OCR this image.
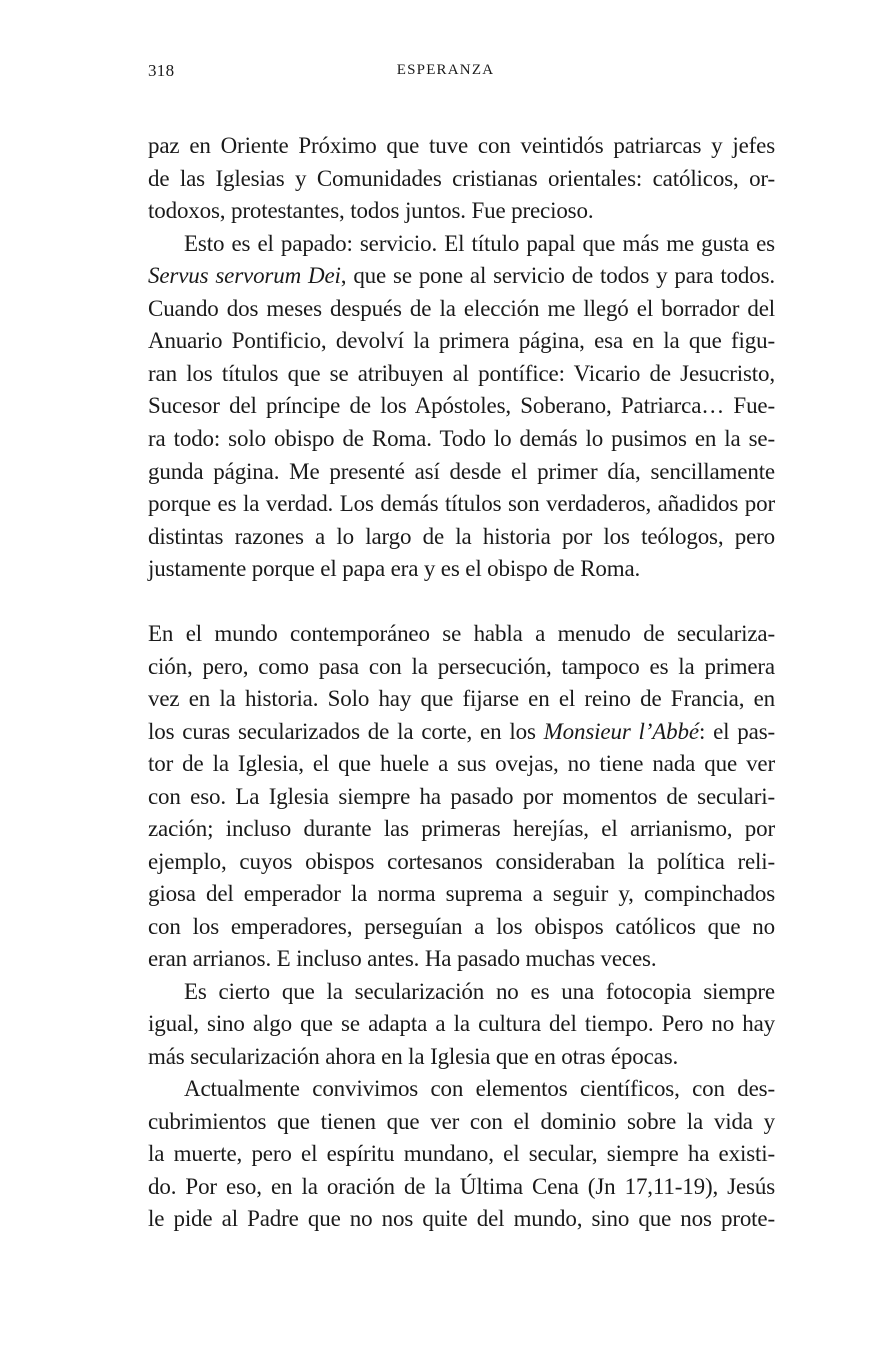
318	ESPERANZA
paz en Oriente Próximo que tuve con veintidós patriarcas y jefes
de las Iglesias y Comunidades cristianas orientales: católicos, or-
todoxos, protestantes, todos juntos. Fue precioso.
Esto es el papado: servicio. El título papal que más me gusta es
Servus servorum Dei, que se pone al servicio de todos y para todos.
Cuando dos meses después de la elección me llegó el borrador del
Anuario Pontificio, devolví la primera página, esa en la que figu-
ran los títulos que se atribuyen al pontífice: Vicario de Jesucristo,
Sucesor del príncipe de los Apóstoles, Soberano, Patriarca… Fue-
ra todo: solo obispo de Roma. Todo lo demás lo pusimos en la se-
gunda página. Me presenté así desde el primer día, sencillamente
porque es la verdad. Los demás títulos son verdaderos, añadidos por
distintas razones a lo largo de la historia por los teólogos, pero
justamente porque el papa era y es el obispo de Roma.
En el mundo contemporáneo se habla a menudo de seculariza-
ción, pero, como pasa con la persecución, tampoco es la primera
vez en la historia. Solo hay que fijarse en el reino de Francia, en
los curas secularizados de la corte, en los Monsieur l’Abbé: el pas-
tor de la Iglesia, el que huele a sus ovejas, no tiene nada que ver
con eso. La Iglesia siempre ha pasado por momentos de seculari-
zación; incluso durante las primeras herejías, el arrianismo, por
ejemplo, cuyos obispos cortesanos consideraban la política reli-
giosa del emperador la norma suprema a seguir y, compinchados
con los emperadores, perseguían a los obispos católicos que no
eran arrianos. E incluso antes. Ha pasado muchas veces.
Es cierto que la secularización no es una fotocopia siempre
igual, sino algo que se adapta a la cultura del tiempo. Pero no hay
más secularización ahora en la Iglesia que en otras épocas.
Actualmente convivimos con elementos científicos, con des-
cubrimientos que tienen que ver con el dominio sobre la vida y
la muerte, pero el espíritu mundano, el secular, siempre ha existi-
do. Por eso, en la oración de la Última Cena (Jn 17,11-19), Jesús
le pide al Padre que no nos quite del mundo, sino que nos prote-
